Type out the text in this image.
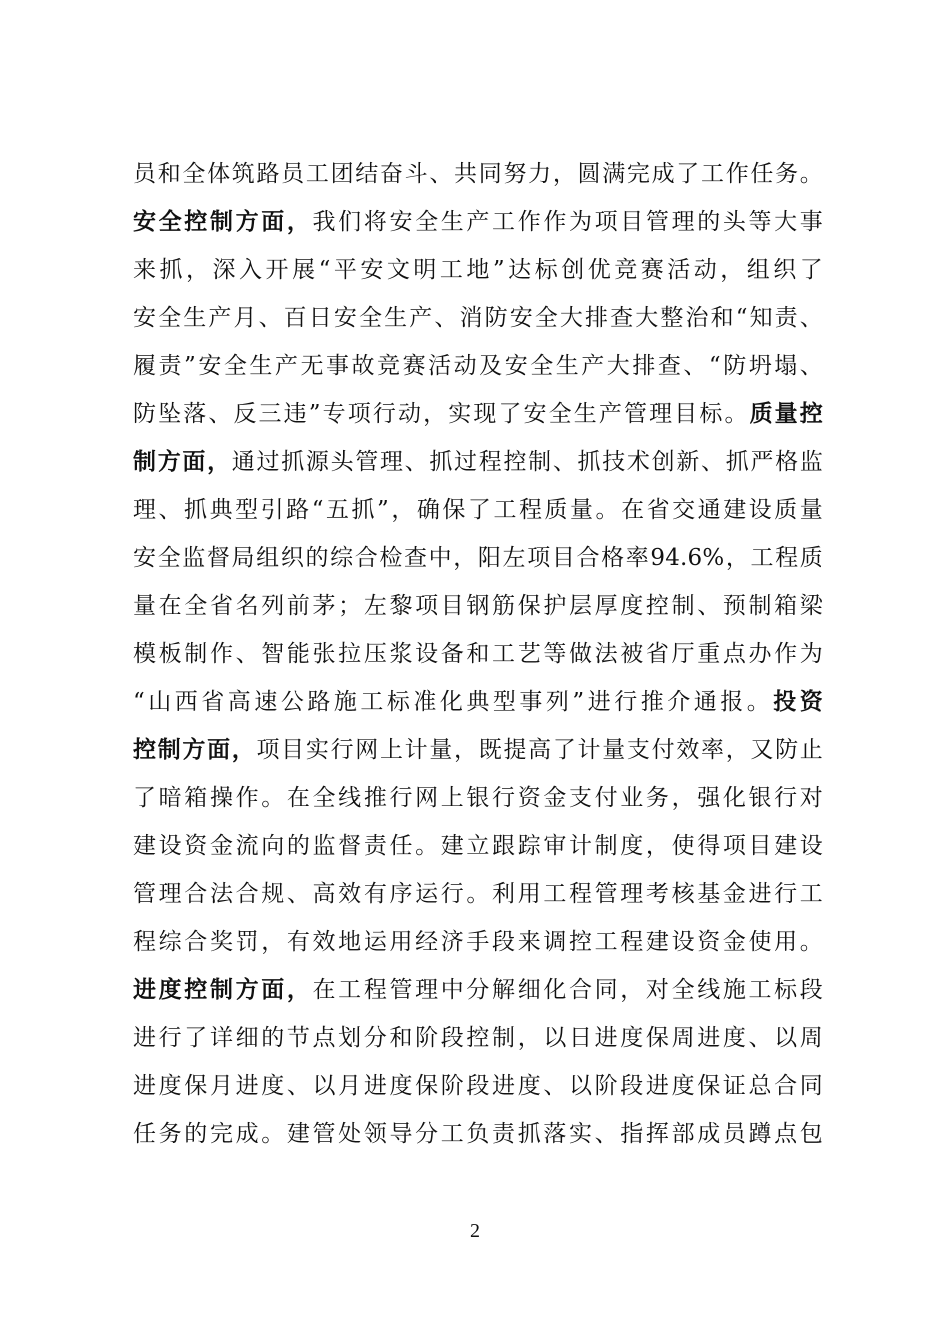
员和全体筑路员工团结奋斗、共同努力，圆满完成了工作任务。
安全控制方面，我们将安全生产工作作为项目管理的头等大事
来抓，深入开展“平安文明工地”达标创优竞赛活动，组织了
安全生产月、百日安全生产、消防安全大排查大整治和“知责、
履责”安全生产无事故竞赛活动及安全生产大排查、“防坍塌、
防坠落、反三违”专项行动，实现了安全生产管理目标。质量控
制方面，通过抓源头管理、抓过程控制、抓技术创新、抓严格监
理、抓典型引路“五抓”，确保了工程质量。在省交通建设质量
安全监督局组织的综合检查中，阳左项目合格率94.6%，工程质
量在全省名列前茅；左黎项目钢筋保护层厚度控制、预制箱梁
模板制作、智能张拉压浆设备和工艺等做法被省厅重点办作为
“山西省高速公路施工标准化典型事列”进行推介通报。投资
控制方面，项目实行网上计量，既提高了计量支付效率，又防止
了暗箱操作。在全线推行网上银行资金支付业务，强化银行对
建设资金流向的监督责任。建立跟踪审计制度，使得项目建设
管理合法合规、高效有序运行。利用工程管理考核基金进行工
程综合奖罚，有效地运用经济手段来调控工程建设资金使用。
进度控制方面，在工程管理中分解细化合同，对全线施工标段
进行了详细的节点划分和阶段控制，以日进度保周进度、以周
进度保月进度、以月进度保阶段进度、以阶段进度保证总合同
任务的完成。建管处领导分工负责抓落实、指挥部成员蹲点包
2
